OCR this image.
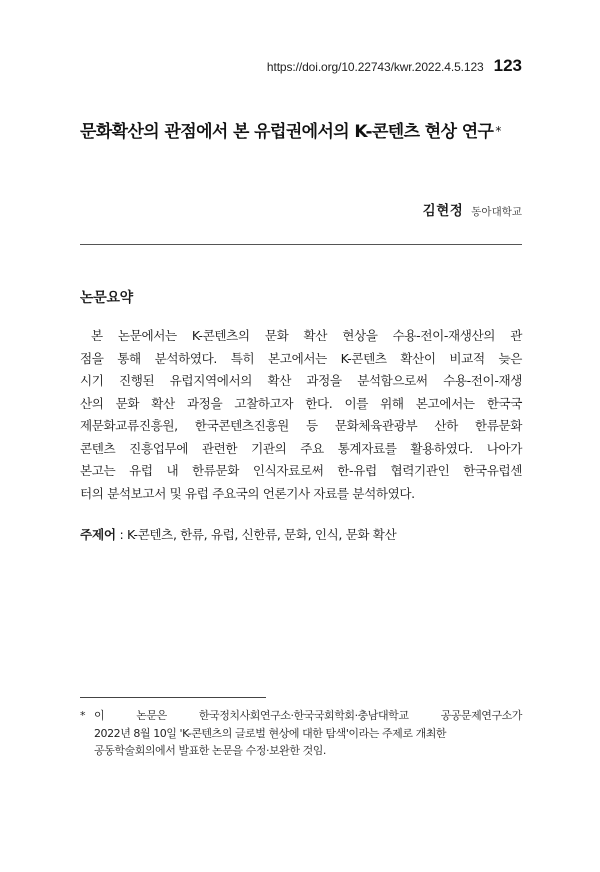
https://doi.org/10.22743/kwr.2022.4.5.123 123
문화확산의 관점에서 본 유럽권에서의 K-콘텐츠 현상 연구 *
김현정 동아대학교
논문요약
본 논문에서는 K-콘텐츠의 문화 확산 현상을 수용-전이-재생산의 관
점을 통해 분석하였다. 특히 본고에서는 K-콘텐츠 확산이 비교적 늦은
시기 진행된 유럽지역에서의 확산 과정을 분석함으로써 수용-전이-재생
산의 문화 확산 과정을 고찰하고자 한다. 이를 위해 본고에서는 한국국
제문화교류진흥원, 한국콘텐츠진흥원 등 문화체육관광부 산하 한류문화
콘텐츠 진흥업무에 관련한 기관의 주요 통계자료를 활용하였다. 나아가
본고는 유럽 내 한류문화 인식자료로써 한-유럽 협력기관인 한국유럽센
터의 분석보고서 및 유럽 주요국의 언론기사 자료를 분석하였다.
주제어 : K-콘텐츠, 한류, 유럽, 신한류, 문화, 인식, 문화 확산
* 이 논문은 한국정치사회연구소·한국국회학회·충남대학교 공공문제연구소가
2022년 8월 10일 'K-콘텐츠의 글로벌 현상에 대한 탐색'이라는 주제로 개최한
공동학술회의에서 발표한 논문을 수정·보완한 것임.
